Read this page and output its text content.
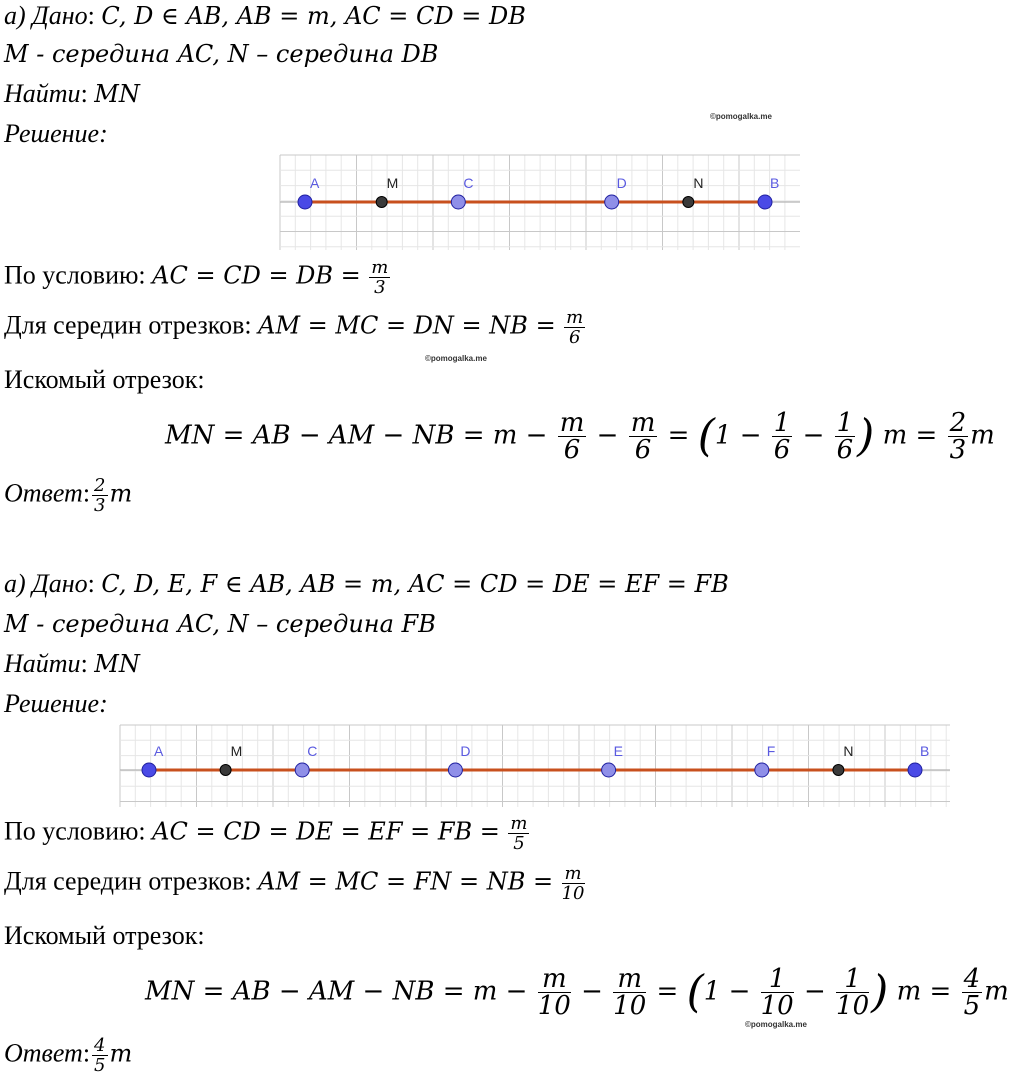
а) Дано: C, D ∈ AB, AB = m, AC = CD = DB
M - середина AC, N – середина DB
Найти: MN
Решение:
©pomogalka.me
A	M	C	D	N	B
По условию: AC = CD = DB = $\frac{m}{3}$
Для середин отрезков: AM = MC = DN = NB = $\frac{m}{6}$
©pomogalka.me
Искомый отрезок:
MN = AB − AM − NB = $m - \frac{m}{6} - \frac{m}{6} = (1 - \frac{1}{6} - \frac{1}{6}$ ) $m = \frac{2}{3}$ m
Ответ: $\frac{2}{3}$ m
а) Дано: C, D, E, F ∈ AB, AB = m, AC = CD = DE = EF = FB
M - середина AC, N – середина FB
Найти: MN
Решение:
A	M	C	D	E	F	N	B
По условию: AC = CD = DE = EF = FB = $\frac{m}{5}$
Для середин отрезков: AM = MC = FN = NB = $\frac{m}{10}$
Искомый отрезок:
MN = AB − AM − NB = $m - \frac{m}{10} - \frac{m}{10} = (1 - \frac{1}{10} - \frac{1}{10}$ ) $m = \frac{4}{5}$ m
©pomogalka.me
Ответ: $\frac{4}{5}$ m
